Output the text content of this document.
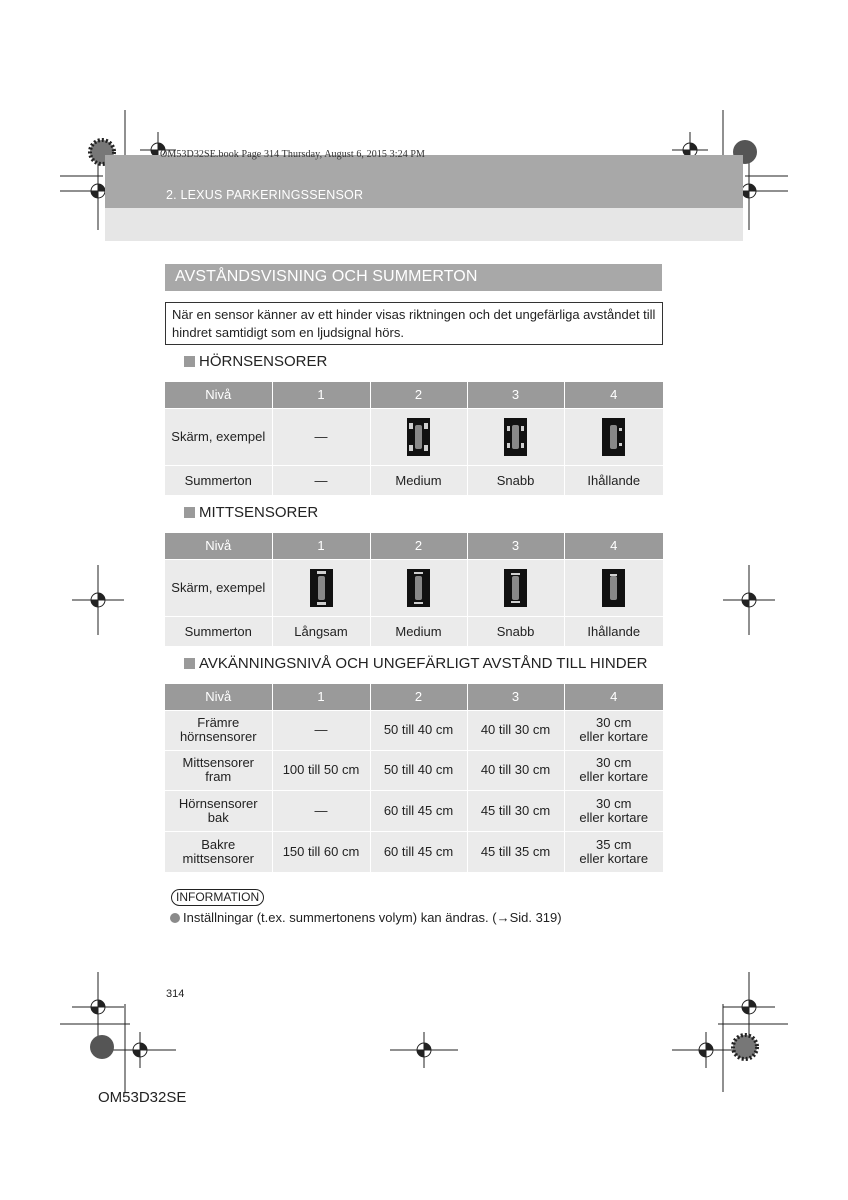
OM53D32SE.book Page 314 Thursday, August 6, 2015 3:24 PM
2. LEXUS PARKERINGSSENSOR
AVSTÅNDSVISNING OCH SUMMERTON
När en sensor känner av ett hinder visas riktningen och det ungefärliga avståndet till hindret samtidigt som en ljudsignal hörs.
HÖRNSENSORER
Nivå	1	2	3	4
Skärm, exempel	—	

Summerton	—	Medium	Snabb	Ihållande
MITTSENSORER
Nivå	1	2	3	4
Skärm, exempel	

Summerton	Långsam	Medium	Snabb	Ihållande
AVKÄNNINGSNIVÅ OCH UNGEFÄRLIGT AVSTÅND TILL HINDER
Nivå	1	2	3	4
Främre
hörnsensorer	—	50 till 40 cm	40 till 30 cm	30 cm
eller kortare
Mittsensorer
fram	100 till 50 cm	50 till 40 cm	40 till 30 cm	30 cm
eller kortare
Hörnsensorer
bak	—	60 till 45 cm	45 till 30 cm	30 cm
eller kortare
Bakre
mittsensorer	150 till 60 cm	60 till 45 cm	45 till 35 cm	35 cm
eller kortare
INFORMATION
Inställningar (t.ex. summertonens volym) kan ändras. (→Sid. 319)
314
OM53D32SE
